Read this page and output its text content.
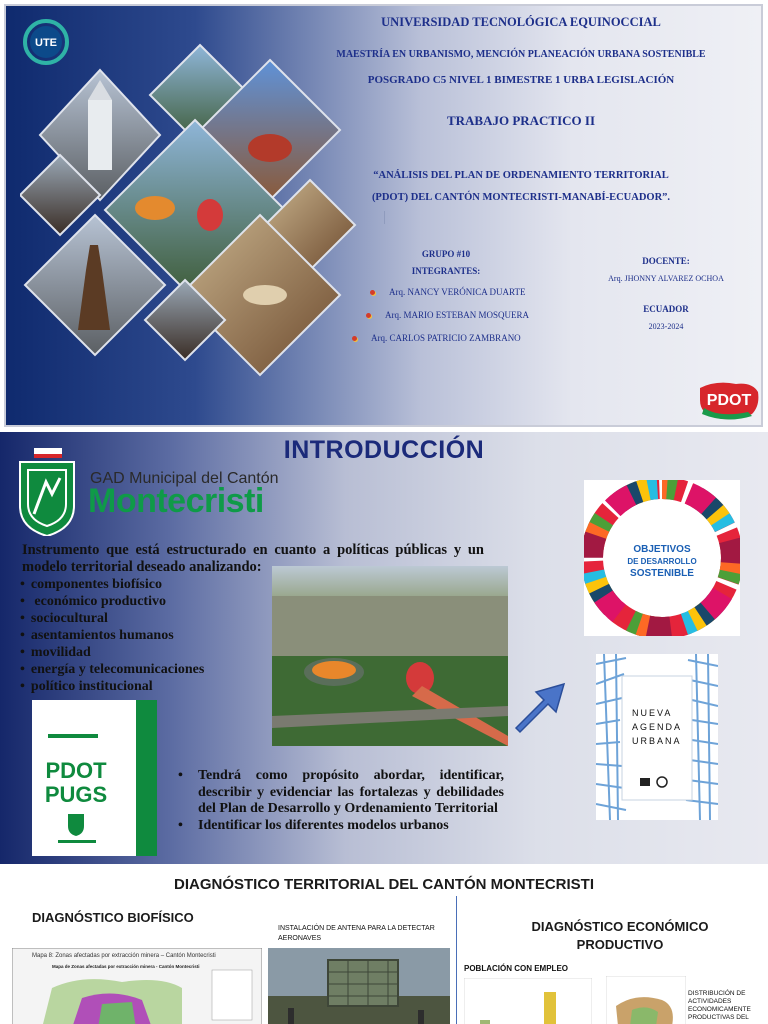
UTE
UNIVERSIDAD TECNOLÓGICA EQUINOCCIAL
MAESTRÍA EN URBANISMO, MENCIÓN PLANEACIÓN URBANA SOSTENIBLE
POSGRADO C5 NIVEL 1 BIMESTRE 1 URBA LEGISLACIÓN
TRABAJO PRACTICO II
“ANÁLISIS DEL PLAN DE ORDENAMIENTO TERRITORIAL
(PDOT) DEL CANTÓN MONTECRISTI-MANABÍ-ECUADOR”.
GRUPO #10
INTEGRANTES:
Arq. NANCY VERÓNICA DUARTE
Arq. MARIO ESTEBAN MOSQUERA
Arq. CARLOS PATRICIO ZAMBRANO
DOCENTE:
Arq. JHONNY ALVAREZ OCHOA
ECUADOR
2023-2024
PDOT
INTRODUCCIÓN
GAD Municipal del Cantón
Montecristi

Instrumento que está estructurado en cuanto a políticas públicas y un modelo territorial deseado analizando:

• componentes biofísico
• económico productivo
• sociocultural
• asentamientos humanos
• movilidad
• energía y telecomunicaciones
• político institucional
PDOT
PUGS
• Tendrá como propósito abordar, identificar, describir y evidenciar las fortalezas y debilidades del Plan de Desarrollo y Ordenamiento Territorial
• Identificar los diferentes modelos urbanos
OBJETIVOS
DE DESARROLLO
SOSTENIBLE
NUEVA
AGENDA
URBANA
DIAGNÓSTICO TERRITORIAL DEL CANTÓN MONTECRISTI
DIAGNÓSTICO BIOFÍSICO
INSTALACIÓN DE ANTENA PARA LA DETECTAR AERONAVES
DIAGNÓSTICO ECONÓMICO PRODUCTIVO
POBLACIÓN CON EMPLEO
DISTRIBUCIÓN DE ACTIVIDADES ECONOMICAMENTE PRODUCTIVAS DEL
Mapa 8: Zonas afectadas por extracción minera – Cantón Montecristi
Mapa de Zonas afectadas por extracción minera - Cantón Montecristi
